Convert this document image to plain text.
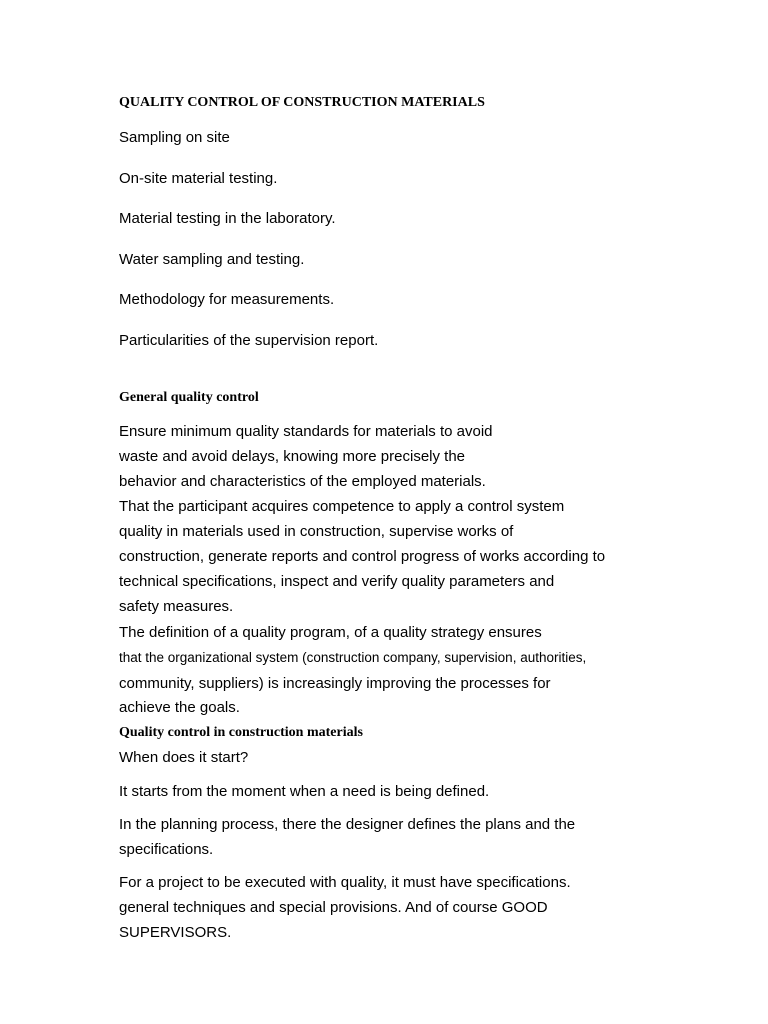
QUALITY CONTROL OF CONSTRUCTION MATERIALS

Sampling on site

On-site material testing.

Material testing in the laboratory.

Water sampling and testing.

Methodology for measurements.

Particularities of the supervision report.

General quality control

Ensure minimum quality standards for materials to avoid

waste and avoid delays, knowing more precisely the

behavior and characteristics of the employed materials.

That the participant acquires competence to apply a control system

quality in materials used in construction, supervise works of

construction, generate reports and control progress of works according to

technical specifications, inspect and verify quality parameters and

safety measures.

The definition of a quality program, of a quality strategy ensures

that the organizational system (construction company, supervision, authorities,

community, suppliers) is increasingly improving the processes for

achieve the goals.

Quality control in construction materials

When does it start?

It starts from the moment when a need is being defined.

In the planning process, there the designer defines the plans and the

specifications.

For a project to be executed with quality, it must have specifications.

general techniques and special provisions. And of course GOOD

SUPERVISORS.
